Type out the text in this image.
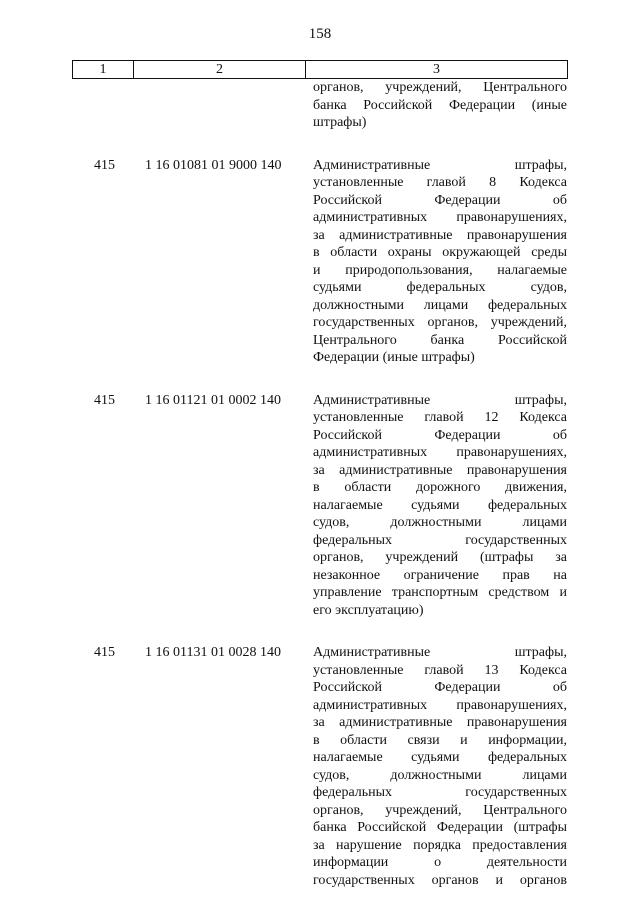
158
1	2	3
органов, учреждений, Центрального
банка Российской Федерации (иные
штрафы)
415 1 16 01081 01 9000 140 Административные штрафы,
установленные главой 8 Кодекса
Российской Федерации об
административных правонарушениях,
за административные правонарушения
в области охраны окружающей среды
и природопользования, налагаемые
судьями федеральных судов,
должностными лицами федеральных
государственных органов, учреждений,
Центрального банка Российской
Федерации (иные штрафы)
415 1 16 01121 01 0002 140 Административные штрафы,
установленные главой 12 Кодекса
Российской Федерации об
административных правонарушениях,
за административные правонарушения
в области дорожного движения,
налагаемые судьями федеральных
судов, должностными лицами
федеральных государственных
органов, учреждений (штрафы за
незаконное ограничение прав на
управление транспортным средством и
его эксплуатацию)
415 1 16 01131 01 0028 140 Административные штрафы,
установленные главой 13 Кодекса
Российской Федерации об
административных правонарушениях,
за административные правонарушения
в области связи и информации,
налагаемые судьями федеральных
судов, должностными лицами
федеральных государственных
органов, учреждений, Центрального
банка Российской Федерации (штрафы
за нарушение порядка предоставления
информации о деятельности
государственных органов и органов
